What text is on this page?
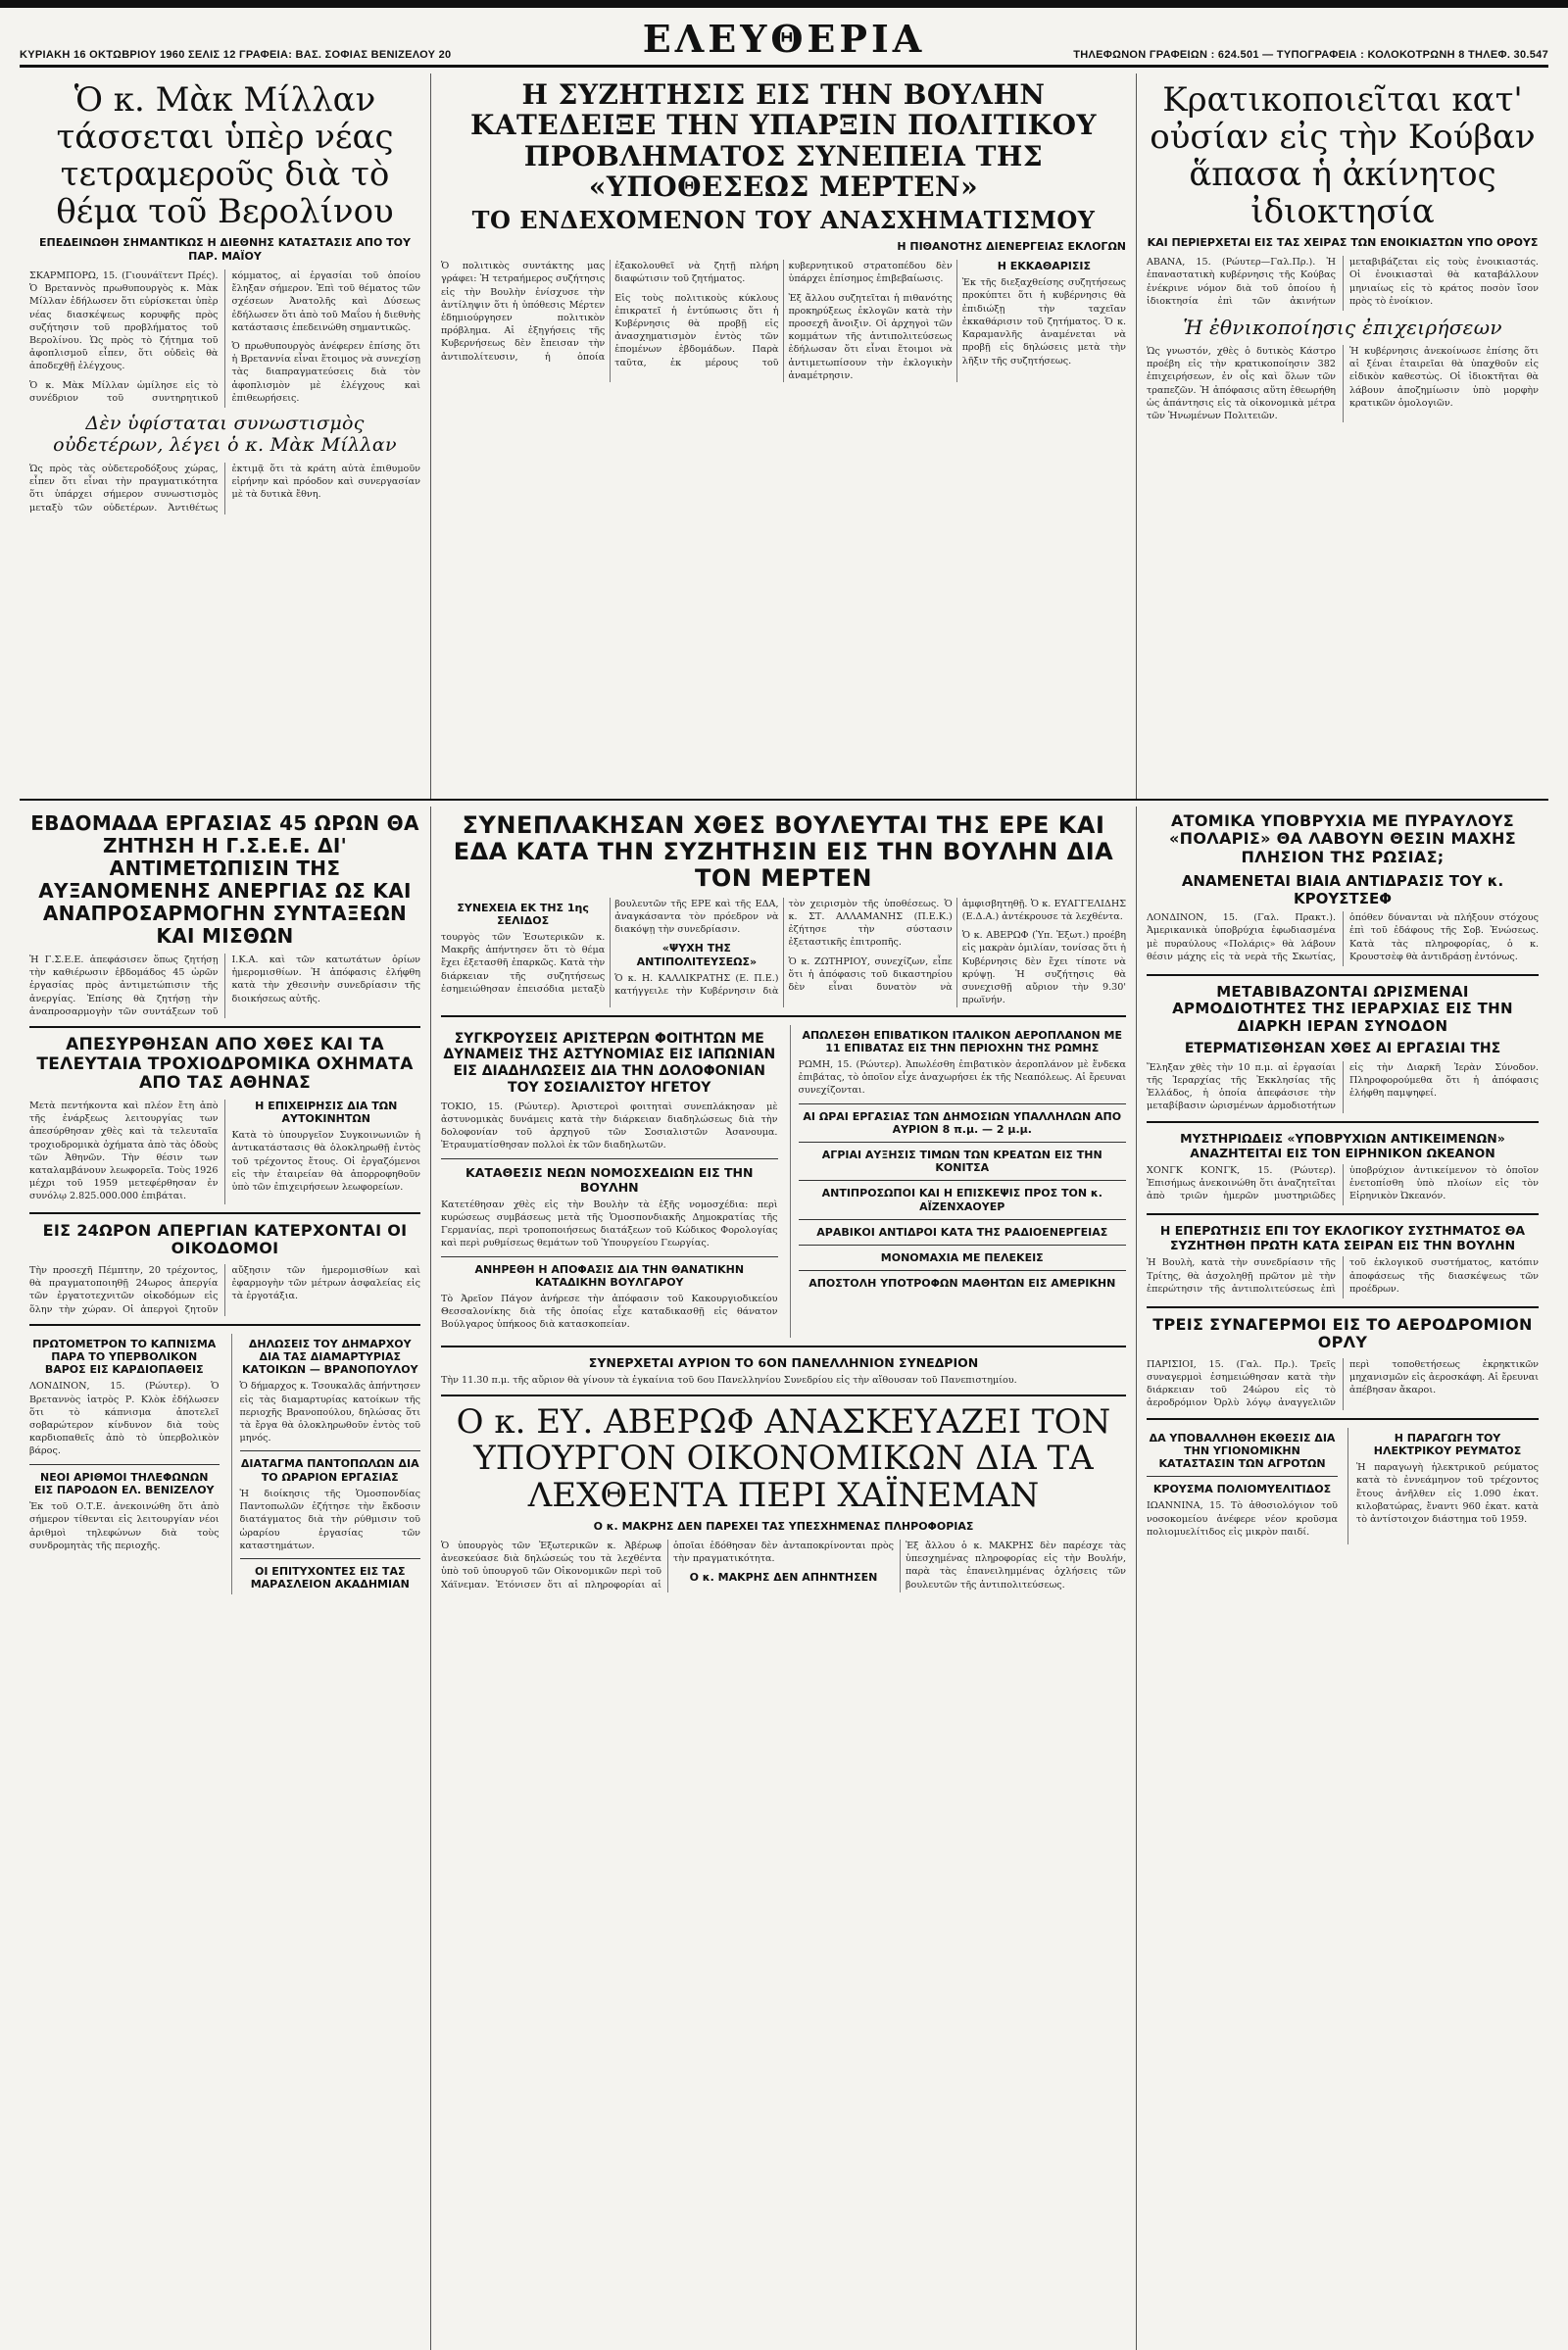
ΚΥΡΙΑΚΗ 16 ΟΚΤΩΒΡΙΟΥ 1960 ΣΕΛΙΣ 12 ΓΡΑΦΕΙΑ: ΒΑΣ. ΣΟΦΙΑΣ ΒΕΝΙΖΕΛΟΥ 20	ΕΛΕΥΘΕΡΙΑ	ΤΗΛΕΦΩΝΟΝ ΓΡΑΦΕΙΩΝ : 624.501 — ΤΥΠΟΓΡΑΦΕΙΑ : ΚΟΛΟΚΟΤΡΩΝΗ 8 ΤΗΛΕΦ. 30.547
Ὁ κ. Μὰκ Μίλλαν τάσσεται ὑπὲρ νέας τετραμεροῦς διὰ τὸ θέμα τοῦ Βερολίνου
ΕΠΕΔΕΙΝΩΘΗ ΣΗΜΑΝΤΙΚΩΣ Η ΔΙΕΘΝΗΣ ΚΑΤΑΣΤΑΣΙΣ ΑΠΟ ΤΟΥ ΠΑΡ. ΜΑΪΟΥ

ΣΚΑΡΜΠΟΡΩ, 15. (Γιουνάϊτεντ Πρές). Ὁ Βρεταννὸς πρωθυπουργὸς κ. Μὰκ Μίλλαν ἐδήλωσεν ὅτι εὑρίσκεται ὑπὲρ νέας διασκέψεως κορυφῆς πρὸς συζήτησιν τοῦ προβλήματος τοῦ Βερολίνου. Ὡς πρὸς τὸ ζήτημα τοῦ ἀφοπλισμοῦ εἶπεν, ὅτι οὐδεὶς θὰ ἀποδεχθῇ ἐλέγχους.

Ὁ κ. Μὰκ Μίλλαν ὡμίλησε εἰς τὸ συνέδριον τοῦ συντηρητικοῦ κόμματος, αἱ ἐργασίαι τοῦ ὁποίου ἔληξαν σήμερον. Ἐπὶ τοῦ θέματος τῶν σχέσεων Ἀνατολῆς καὶ Δύσεως ἐδήλωσεν ὅτι ἀπὸ τοῦ Μαΐου ἡ διεθνὴς κατάστασις ἐπεδεινώθη σημαντικῶς.

Ὁ πρωθυπουργὸς ἀνέφερεν ἐπίσης ὅτι ἡ Βρεταννία εἶναι ἕτοιμος νὰ συνεχίσῃ τὰς διαπραγματεύσεις διὰ τὸν ἀφοπλισμὸν μὲ ἐλέγχους καὶ ἐπιθεωρήσεις.

Δὲν ὑφίσταται συνωστισμὸς οὐδετέρων, λέγει ὁ κ. Μὰκ Μίλλαν

Ὡς πρὸς τὰς οὐδετεροδόξους χώρας, εἶπεν ὅτι εἶναι τὴν πραγματικότητα ὅτι ὑπάρχει σήμερον συνωστισμὸς μεταξὺ τῶν οὐδετέρων. Ἀντιθέτως ἐκτιμᾷ ὅτι τὰ κράτη αὐτὰ ἐπιθυμοῦν εἰρήνην καὶ πρόοδον καὶ συνεργασίαν μὲ τὰ δυτικὰ ἔθνη.

Η ΣΥΖΗΤΗΣΙΣ ΕΙΣ ΤΗΝ ΒΟΥΛΗΝ ΚΑΤΕΔΕΙΞΕ ΤΗΝ ΥΠΑΡΞΙΝ ΠΟΛΙΤΙΚΟΥ ΠΡΟΒΛΗΜΑΤΟΣ ΣΥΝΕΠΕΙΑ ΤΗΣ «ΥΠΟΘΕΣΕΩΣ ΜΕΡΤΕΝ»
ΤΟ ΕΝΔΕΧΟΜΕΝΟΝ ΤΟΥ ΑΝΑΣΧΗΜΑΤΙΣΜΟΥ
Η ΠΙΘΑΝΟΤΗΣ ΔΙΕΝΕΡΓΕΙΑΣ ΕΚΛΟΓΩΝ

Ὁ πολιτικὸς συντάκτης μας γράφει: Ἡ τετραήμερος συζήτησις εἰς τὴν Βουλὴν ἐνίσχυσε τὴν ἀντίληψιν ὅτι ἡ ὑπόθεσις Μέρτεν ἐδημιούργησεν πολιτικὸν πρόβλημα. Αἱ ἐξηγήσεις τῆς Κυβερνήσεως δὲν ἔπεισαν τὴν ἀντιπολίτευσιν, ἡ ὁποία ἐξακολουθεῖ νὰ ζητῇ πλήρη διαφώτισιν τοῦ ζητήματος.

Εἰς τοὺς πολιτικοὺς κύκλους ἐπικρατεῖ ἡ ἐντύπωσις ὅτι ἡ Κυβέρνησις θὰ προβῇ εἰς ἀνασχηματισμὸν ἐντὸς τῶν ἑπομένων ἑβδομάδων. Παρὰ ταῦτα, ἐκ μέρους τοῦ κυβερνητικοῦ στρατοπέδου δὲν ὑπάρχει ἐπίσημος ἐπιβεβαίωσις.

Ἐξ ἄλλου συζητεῖται ἡ πιθανότης προκηρύξεως ἐκλογῶν κατὰ τὴν προσεχῆ ἄνοιξιν. Οἱ ἀρχηγοὶ τῶν κομμάτων τῆς ἀντιπολιτεύσεως ἐδήλωσαν ὅτι εἶναι ἕτοιμοι νὰ ἀντιμετωπίσουν τὴν ἐκλογικὴν ἀναμέτρησιν.

Η ΕΚΚΑΘΑΡΙΣΙΣ

Ἐκ τῆς διεξαχθείσης συζητήσεως προκύπτει ὅτι ἡ κυβέρνησις θὰ ἐπιδιώξῃ τὴν ταχεῖαν ἐκκαθάρισιν τοῦ ζητήματος. Ὁ κ. Καραμανλῆς ἀναμένεται νὰ προβῇ εἰς δηλώσεις μετὰ τὴν λῆξιν τῆς συζητήσεως.

Κρατικοποιεῖται κατ' οὐσίαν εἰς τὴν Κούβαν ἅπασα ἡ ἀκίνητος ἰδιοκτησία
ΚΑΙ ΠΕΡΙΕΡΧΕΤΑΙ ΕΙΣ ΤΑΣ ΧΕΙΡΑΣ ΤΩΝ ΕΝΟΙΚΙΑΣΤΩΝ ΥΠΟ ΟΡΟΥΣ

ΑΒΑΝΑ, 15. (Ρώυτερ—Γαλ.Πρ.). Ἡ ἐπαναστατικὴ κυβέρνησις τῆς Κούβας ἐνέκρινε νόμον διὰ τοῦ ὁποίου ἡ ἰδιοκτησία ἐπὶ τῶν ἀκινήτων μεταβιβάζεται εἰς τοὺς ἐνοικιαστάς. Οἱ ἐνοικιασταὶ θὰ καταβάλλουν μηνιαίως εἰς τὸ κράτος ποσὸν ἴσον πρὸς τὸ ἐνοίκιον.

Ἡ ἐθνικοποίησις ἐπιχειρήσεων

Ὡς γνωστόν, χθὲς ὁ δυτικὸς Κάστρο προέβη εἰς τὴν κρατικοποίησιν 382 ἐπιχειρήσεων, ἐν οἷς καὶ ὅλων τῶν τραπεζῶν. Ἡ ἀπόφασις αὕτη ἐθεωρήθη ὡς ἀπάντησις εἰς τὰ οἰκονομικὰ μέτρα τῶν Ἡνωμένων Πολιτειῶν.

Ἡ κυβέρνησις ἀνεκοίνωσε ἐπίσης ὅτι αἱ ξέναι ἐταιρεῖαι θὰ ὑπαχθοῦν εἰς εἰδικὸν καθεστὼς. Οἱ ἰδιοκτῆται θὰ λάβουν ἀποζημίωσιν ὑπὸ μορφὴν κρατικῶν ὁμολογιῶν.

ΕΒΔΟΜΑΔΑ ΕΡΓΑΣΙΑΣ 45 ΩΡΩΝ ΘΑ ΖΗΤΗΣΗ Η Γ.Σ.Ε.Ε. ΔΙ' ΑΝΤΙΜΕΤΩΠΙΣΙΝ ΤΗΣ ΑΥΞΑΝΟΜΕΝΗΣ ΑΝΕΡΓΙΑΣ ΩΣ ΚΑΙ ΑΝΑΠΡΟΣΑΡΜΟΓΗΝ ΣΥΝΤΑΞΕΩΝ ΚΑΙ ΜΙΣΘΩΝ

Ἡ Γ.Σ.Ε.Ε. ἀπεφάσισεν ὅπως ζητήσῃ τὴν καθιέρωσιν ἑβδομάδος 45 ὡρῶν ἐργασίας πρὸς ἀντιμετώπισιν τῆς ἀνεργίας. Ἐπίσης θὰ ζητήσῃ τὴν ἀναπροσαρμογὴν τῶν συντάξεων τοῦ Ι.Κ.Α. καὶ τῶν κατωτάτων ὁρίων ἡμερομισθίων. Ἡ ἀπόφασις ἐλήφθη κατὰ τὴν χθεσινὴν συνεδρίασιν τῆς διοικήσεως αὐτῆς.

ΑΠΕΣΥΡΘΗΣΑΝ ΑΠΟ ΧΘΕΣ ΚΑΙ ΤΑ ΤΕΛΕΥΤΑΙΑ ΤΡΟΧΙΟΔΡΟΜΙΚΑ ΟΧΗΜΑΤΑ ΑΠΟ ΤΑΣ ΑΘΗΝΑΣ

Μετὰ πεντήκοντα καὶ πλέον ἔτη ἀπὸ τῆς ἐνάρξεως λειτουργίας των ἀπεσύρθησαν χθὲς καὶ τὰ τελευταῖα τροχιοδρομικὰ ὀχήματα ἀπὸ τὰς ὁδοὺς τῶν Ἀθηνῶν. Τὴν θέσιν των καταλαμβάνουν λεωφορεῖα. Τοὺς 1926 μέχρι τοῦ 1959 μετεφέρθησαν ἐν συνόλῳ 2.825.000.000 ἐπιβάται.

Η ΕΠΙΧΕΙΡΗΣΙΣ ΔΙΑ ΤΩΝ ΑΥΤΟΚΙΝΗΤΩΝ

Κατὰ τὸ ὑπουργεῖον Συγκοινωνιῶν ἡ ἀντικατάστασις θὰ ὁλοκληρωθῇ ἐντὸς τοῦ τρέχοντος ἔτους. Οἱ ἐργαζόμενοι εἰς τὴν ἐταιρείαν θὰ ἀπορροφηθοῦν ὑπὸ τῶν ἐπιχειρήσεων λεωφορείων.

ΕΙΣ 24ΩΡΟΝ ΑΠΕΡΓΙΑΝ ΚΑΤΕΡΧΟΝΤΑΙ ΟΙ ΟΙΚΟΔΟΜΟΙ

Τὴν προσεχῆ Πέμπτην, 20 τρέχοντος, θὰ πραγματοποιηθῇ 24ωρος ἀπεργία τῶν ἐργατοτεχνιτῶν οἰκοδόμων εἰς ὅλην τὴν χώραν. Οἱ ἀπεργοὶ ζητοῦν αὔξησιν τῶν ἡμερομισθίων καὶ ἐφαρμογὴν τῶν μέτρων ἀσφαλείας εἰς τὰ ἐργοτάξια.

ΠΡΩΤΟΜΕΤΡΟΝ ΤΟ ΚΑΠΝΙΣΜΑ ΠΑΡΑ ΤΟ ΥΠΕΡΒΟΛΙΚΟΝ ΒΑΡΟΣ ΕΙΣ ΚΑΡΔΙΟΠΑΘΕΙΣ

ΛΟΝΔΙΝΟΝ, 15. (Ρώυτερ). Ὁ Βρεταννὸς ἰατρὸς Ρ. Κλὸκ ἐδήλωσεν ὅτι τὸ κάπνισμα ἀποτελεῖ σοβαρώτερον κίνδυνον διὰ τοὺς καρδιοπαθεῖς ἀπὸ τὸ ὑπερβολικὸν βάρος.

ΝΕΟΙ ΑΡΙΘΜΟΙ ΤΗΛΕΦΩΝΩΝ ΕΙΣ ΠΑΡΟΔΟΝ ΕΛ. ΒΕΝΙΖΕΛΟΥ

Ἐκ τοῦ Ο.Τ.Ε. ἀνεκοινώθη ὅτι ἀπὸ σήμερον τίθενται εἰς λειτουργίαν νέοι ἀριθμοὶ τηλεφώνων διὰ τοὺς συνδρομητὰς τῆς περιοχῆς.

ΔΗΛΩΣΕΙΣ ΤΟΥ ΔΗΜΑΡΧΟΥ ΔΙΑ ΤΑΣ ΔΙΑΜΑΡΤΥΡΙΑΣ ΚΑΤΟΙΚΩΝ — ΒΡΑΝΟΠΟΥΛΟΥ

Ὁ δήμαρχος κ. Τσουκαλᾶς ἀπήντησεν εἰς τὰς διαμαρτυρίας κατοίκων τῆς περιοχῆς Βρανοπούλου, δηλώσας ὅτι τὰ ἔργα θὰ ὁλοκληρωθοῦν ἐντὸς τοῦ μηνός.

ΔΙΑΤΑΓΜΑ ΠΑΝΤΟΠΩΛΩΝ ΔΙΑ ΤΟ ΩΡΑΡΙΟΝ ΕΡΓΑΣΙΑΣ

Ἡ διοίκησις τῆς Ὁμοσπονδίας Παντοπωλῶν ἐζήτησε τὴν ἔκδοσιν διατάγματος διὰ τὴν ρύθμισιν τοῦ ὡραρίου ἐργασίας τῶν καταστημάτων.

ΟΙ ΕΠΙΤΥΧΟΝΤΕΣ ΕΙΣ ΤΑΣ ΜΑΡΑΣΛΕΙΟΝ ΑΚΑΔΗΜΙΑΝ
ΣΥΝΕΠΛΑΚΗΣΑΝ ΧΘΕΣ ΒΟΥΛΕΥΤΑΙ ΤΗΣ ΕΡΕ ΚΑΙ ΕΔΑ ΚΑΤΑ ΤΗΝ ΣΥΖΗΤΗΣΙΝ ΕΙΣ ΤΗΝ ΒΟΥΛΗΝ ΔΙΑ ΤΟΝ ΜΕΡΤΕΝ
ΣΥΝΕΧΕΙΑ ΕΚ ΤΗΣ 1ης ΣΕΛΙΔΟΣ

τουργὸς τῶν Ἐσωτερικῶν κ. Μακρῆς ἀπήντησεν ὅτι τὸ θέμα ἔχει ἐξετασθῆ ἐπαρκῶς. Κατὰ τὴν διάρκειαν τῆς συζητήσεως ἐσημειώθησαν ἐπεισόδια μεταξὺ βουλευτῶν τῆς ΕΡΕ καὶ τῆς ΕΔΑ, ἀναγκάσαντα τὸν πρόεδρον νὰ διακόψῃ τὴν συνεδρίασιν.

«ΨΥΧΗ ΤΗΣ ΑΝΤΙΠΟΛΙΤΕΥΣΕΩΣ»

Ὁ κ. Η. ΚΑΛΛΙΚΡΑΤΗΣ (Ε. Π.Ε.) κατήγγειλε τὴν Κυβέρνησιν διὰ τὸν χειρισμὸν τῆς ὑποθέσεως. Ὁ κ. ΣΤ. ΑΛΛΑΜΑΝΗΣ (Π.Ε.Κ.) ἐζήτησε τὴν σύστασιν ἐξεταστικῆς ἐπιτροπῆς.

Ὁ κ. ΖΩΤΗΡΙΟΥ, συνεχίζων, εἶπε ὅτι ἡ ἀπόφασις τοῦ δικαστηρίου δὲν εἶναι δυνατὸν νὰ ἀμφισβητηθῇ. Ὁ κ. ΕΥΑΓΓΕΛΙΔΗΣ (Ε.Δ.Α.) ἀντέκρουσε τὰ λεχθέντα.

Ὁ κ. ΑΒΕΡΩΦ (Ὑπ. Ἐξωτ.) προέβη εἰς μακρὰν ὁμιλίαν, τονίσας ὅτι ἡ Κυβέρνησις δὲν ἔχει τίποτε νὰ κρύψῃ. Ἡ συζήτησις θὰ συνεχισθῇ αὔριον τὴν 9.30' πρωϊνήν.

ΣΥΓΚΡΟΥΣΕΙΣ ΑΡΙΣΤΕΡΩΝ ΦΟΙΤΗΤΩΝ ΜΕ ΔΥΝΑΜΕΙΣ ΤΗΣ ΑΣΤΥΝΟΜΙΑΣ ΕΙΣ ΙΑΠΩΝΙΑΝ ΕΙΣ ΔΙΑΔΗΛΩΣΕΙΣ ΔΙΑ ΤΗΝ ΔΟΛΟΦΟΝΙΑΝ ΤΟΥ ΣΟΣΙΑΛΙΣΤΟΥ ΗΓΕΤΟΥ

ΤΟΚΙΟ, 15. (Ρώυτερ). Ἀριστεροὶ φοιτηταὶ συνεπλάκησαν μὲ ἀστυνομικὰς δυνάμεις κατὰ τὴν διάρκειαν διαδηλώσεως διὰ τὴν δολοφονίαν τοῦ ἀρχηγοῦ τῶν Σοσιαλιστῶν Ἀσανουμα. Ἐτραυματίσθησαν πολλοὶ ἐκ τῶν διαδηλωτῶν.

ΚΑΤΑΘΕΣΙΣ ΝΕΩΝ ΝΟΜΟΣΧΕΔΙΩΝ ΕΙΣ ΤΗΝ ΒΟΥΛΗΝ

Κατετέθησαν χθὲς εἰς τὴν Βουλὴν τὰ ἑξῆς νομοσχέδια: περὶ κυρώσεως συμβάσεως μετὰ τῆς Ὁμοσπονδιακῆς Δημοκρατίας τῆς Γερμανίας, περὶ τροποποιήσεως διατάξεων τοῦ Κώδικος Φορολογίας καὶ περὶ ρυθμίσεως θεμάτων τοῦ Ὑπουργείου Γεωργίας.

ΑΝΗΡΕΘΗ Η ΑΠΟΦΑΣΙΣ ΔΙΑ ΤΗΝ ΘΑΝΑΤΙΚΗΝ ΚΑΤΑΔΙΚΗΝ ΒΟΥΛΓΑΡΟΥ

Τὸ Ἀρεῖον Πάγον ἀνήρεσε τὴν ἀπόφασιν τοῦ Κακουργιοδικείου Θεσσαλονίκης διὰ τῆς ὁποίας εἶχε καταδικασθῇ εἰς θάνατον Βούλγαρος ὑπήκοος διὰ κατασκοπείαν.

ΑΠΩΛΕΣΘΗ ΕΠΙΒΑΤΙΚΟΝ ΙΤΑΛΙΚΟΝ ΑΕΡΟΠΛΑΝΟΝ ΜΕ 11 ΕΠΙΒΑΤΑΣ ΕΙΣ ΤΗΝ ΠΕΡΙΟΧΗΝ ΤΗΣ ΡΩΜΗΣ

ΡΩΜΗ, 15. (Ρώυτερ). Ἀπωλέσθη ἐπιβατικὸν ἀεροπλάνον μὲ ἕνδεκα ἐπιβάτας, τὸ ὁποῖον εἶχε ἀναχωρήσει ἐκ τῆς Νεαπόλεως. Αἱ ἔρευναι συνεχίζονται.

ΑΙ ΩΡΑΙ ΕΡΓΑΣΙΑΣ ΤΩΝ ΔΗΜΟΣΙΩΝ ΥΠΑΛΛΗΛΩΝ ΑΠΟ ΑΥΡΙΟΝ 8 π.μ. — 2 μ.μ.
ΑΓΡΙΑΙ ΑΥΞΗΣΙΣ ΤΙΜΩΝ ΤΩΝ ΚΡΕΑΤΩΝ ΕΙΣ ΤΗΝ ΚΟΝΙΤΣΑ
ΑΝΤΙΠΡΟΣΩΠΟΙ ΚΑΙ Η ΕΠΙΣΚΕΨΙΣ ΠΡΟΣ ΤΟΝ κ. ΑΪΖΕΝΧΑΟΥΕΡ
ΑΡΑΒΙΚΟΙ ΑΝΤΙΔΡΟΙ ΚΑΤΑ ΤΗΣ ΡΑΔΙΟΕΝΕΡΓΕΙΑΣ
ΜΟΝΟΜΑΧΙΑ ΜΕ ΠΕΛΕΚΕΙΣ
ΑΠΟΣΤΟΛΗ ΥΠΟΤΡΟΦΩΝ ΜΑΘΗΤΩΝ ΕΙΣ ΑΜΕΡΙΚΗΝ
ΣΥΝΕΡΧΕΤΑΙ ΑΥΡΙΟΝ ΤΟ 6ΟΝ ΠΑΝΕΛΛΗΝΙΟΝ ΣΥΝΕΔΡΙΟΝ

Τὴν 11.30 π.μ. τῆς αὔριον θὰ γίνουν τὰ ἐγκαίνια τοῦ 6ου Πανελληνίου Συνεδρίου εἰς τὴν αἴθουσαν τοῦ Πανεπιστημίου.

Ο κ. ΕΥ. ΑΒΕΡΩΦ ΑΝΑΣΚΕΥΑΖΕΙ ΤΟΝ ΥΠΟΥΡΓΟΝ ΟΙΚΟΝΟΜΙΚΩΝ ΔΙΑ ΤΑ ΛΕΧΘΕΝΤΑ ΠΕΡΙ ΧΑΪΝΕΜΑΝ
Ο κ. ΜΑΚΡΗΣ ΔΕΝ ΠΑΡΕΧΕΙ ΤΑΣ ΥΠΕΣΧΗΜΕΝΑΣ ΠΛΗΡΟΦΟΡΙΑΣ

Ὁ ὑπουργὸς τῶν Ἐξωτερικῶν κ. Ἀβέρωφ ἀνεσκεύασε διὰ δηλώσεώς του τὰ λεχθέντα ὑπὸ τοῦ ὑπουργοῦ τῶν Οἰκονομικῶν περὶ τοῦ Χάϊνεμαν. Ἐτόνισεν ὅτι αἱ πληροφορίαι αἱ ὁποῖαι ἐδόθησαν δὲν ἀνταποκρίνονται πρὸς τὴν πραγματικότητα.

Ο κ. ΜΑΚΡΗΣ ΔΕΝ ΑΠΗΝΤΗΣΕΝ

Ἐξ ἄλλου ὁ κ. ΜΑΚΡΗΣ δὲν παρέσχε τὰς ὑπεσχημένας πληροφορίας εἰς τὴν Βουλήν, παρὰ τὰς ἐπανειλημμένας ὀχλήσεις τῶν βουλευτῶν τῆς ἀντιπολιτεύσεως.

ΑΤΟΜΙΚΑ ΥΠΟΒΡΥΧΙΑ ΜΕ ΠΥΡΑΥΛΟΥΣ «ΠΟΛΑΡΙΣ» ΘΑ ΛΑΒΟΥΝ ΘΕΣΙΝ ΜΑΧΗΣ ΠΛΗΣΙΟΝ ΤΗΣ ΡΩΣΙΑΣ;
ΑΝΑΜΕΝΕΤΑΙ ΒΙΑΙΑ ΑΝΤΙΔΡΑΣΙΣ ΤΟΥ κ. ΚΡΟΥΣΤΣΕΦ

ΛΟΝΔΙΝΟΝ, 15. (Γαλ. Πρακτ.). Ἀμερικανικὰ ὑποβρύχια ἐφωδιασμένα μὲ πυραύλους «Πολάρις» θὰ λάβουν θέσιν μάχης εἰς τὰ νερὰ τῆς Σκωτίας, ὁπόθεν δύνανται νὰ πλήξουν στόχους ἐπὶ τοῦ ἐδάφους τῆς Σοβ. Ἑνώσεως. Κατὰ τὰς πληροφορίας, ὁ κ. Κρουστσὲφ θὰ ἀντιδράσῃ ἐντόνως.

ΜΕΤΑΒΙΒΑΖΟΝΤΑΙ ΩΡΙΣΜΕΝΑΙ ΑΡΜΟΔΙΟΤΗΤΕΣ ΤΗΣ ΙΕΡΑΡΧΙΑΣ ΕΙΣ ΤΗΝ ΔΙΑΡΚΗ ΙΕΡΑΝ ΣΥΝΟΔΟΝ
ΕΤΕΡΜΑΤΙΣΘΗΣΑΝ ΧΘΕΣ ΑΙ ΕΡΓΑΣΙΑΙ ΤΗΣ

Ἔληξαν χθὲς τὴν 10 π.μ. αἱ ἐργασίαι τῆς Ἱεραρχίας τῆς Ἐκκλησίας τῆς Ἑλλάδος, ἡ ὁποία ἀπεφάσισε τὴν μεταβίβασιν ὡρισμένων ἀρμοδιοτήτων εἰς τὴν Διαρκῆ Ἱερὰν Σύνοδον. Πληροφορούμεθα ὅτι ἡ ἀπόφασις ἐλήφθη παμψηφεί.

ΜΥΣΤΗΡΙΩΔΕΙΣ «ΥΠΟΒΡΥΧΙΩΝ ΑΝΤΙΚΕΙΜΕΝΩΝ» ΑΝΑΖΗΤΕΙΤΑΙ ΕΙΣ ΤΟΝ ΕΙΡΗΝΙΚΟΝ ΩΚΕΑΝΟΝ

ΧΟΝΓΚ ΚΟΝΓΚ, 15. (Ρώυτερ). Ἐπισήμως ἀνεκοινώθη ὅτι ἀναζητεῖται ἀπὸ τριῶν ἡμερῶν μυστηριῶδες ὑποβρύχιον ἀντικείμενον τὸ ὁποῖον ἐνετοπίσθη ὑπὸ πλοίων εἰς τὸν Εἰρηνικὸν Ὠκεανόν.

Η ΕΠΕΡΩΤΗΣΙΣ ΕΠΙ ΤΟΥ ΕΚΛΟΓΙΚΟΥ ΣΥΣΤΗΜΑΤΟΣ ΘΑ ΣΥΖΗΤΗΘΗ ΠΡΩΤΗ ΚΑΤΑ ΣΕΙΡΑΝ ΕΙΣ ΤΗΝ ΒΟΥΛΗΝ

Ἡ Βουλὴ, κατὰ τὴν συνεδρίασιν τῆς Τρίτης, θὰ ἀσχοληθῇ πρῶτον μὲ τὴν ἐπερώτησιν τῆς ἀντιπολιτεύσεως ἐπὶ τοῦ ἐκλογικοῦ συστήματος, κατόπιν ἀποφάσεως τῆς διασκέψεως τῶν προέδρων.

ΤΡΕΙΣ ΣΥΝΑΓΕΡΜΟΙ ΕΙΣ ΤΟ ΑΕΡΟΔΡΟΜΙΟΝ ΟΡΛΥ

ΠΑΡΙΣΙΟΙ, 15. (Γαλ. Πρ.). Τρεῖς συναγερμοὶ ἐσημειώθησαν κατὰ τὴν διάρκειαν τοῦ 24ώρου εἰς τὸ ἀεροδρόμιον Ὀρλὺ λόγῳ ἀναγγελιῶν περὶ τοποθετήσεως ἐκρηκτικῶν μηχανισμῶν εἰς ἀεροσκάφη. Αἱ ἔρευναι ἀπέβησαν ἄκαροι.

ΔΑ ΥΠΟΒΑΛΛΗΘΗ ΕΚΘΕΣΙΣ ΔΙΑ ΤΗΝ ΥΓΙΟΝΟΜΙΚΗΝ ΚΑΤΑΣΤΑΣΙΝ ΤΩΝ ΑΓΡΟΤΩΝ
ΚΡΟΥΣΜΑ ΠΟΛΙΟΜΥΕΛΙΤΙΔΟΣ

ΙΩΑΝΝΙΝΑ, 15. Τὸ ἀθοσιολόγιον τοῦ νοσοκομείου ἀνέφερε νέον κροῦσμα πολιομυελίτιδος εἰς μικρὸν παιδί.

Η ΠΑΡΑΓΩΓΗ ΤΟΥ ΗΛΕΚΤΡΙΚΟΥ ΡΕΥΜΑΤΟΣ

Ἡ παραγωγὴ ἠλεκτρικοῦ ρεύματος κατὰ τὸ ἐννεάμηνον τοῦ τρέχοντος ἔτους ἀνῆλθεν εἰς 1.090 ἑκατ. κιλοβατώρας, ἔναντι 960 ἑκατ. κατὰ τὸ ἀντίστοιχον διάστημα τοῦ 1959.
